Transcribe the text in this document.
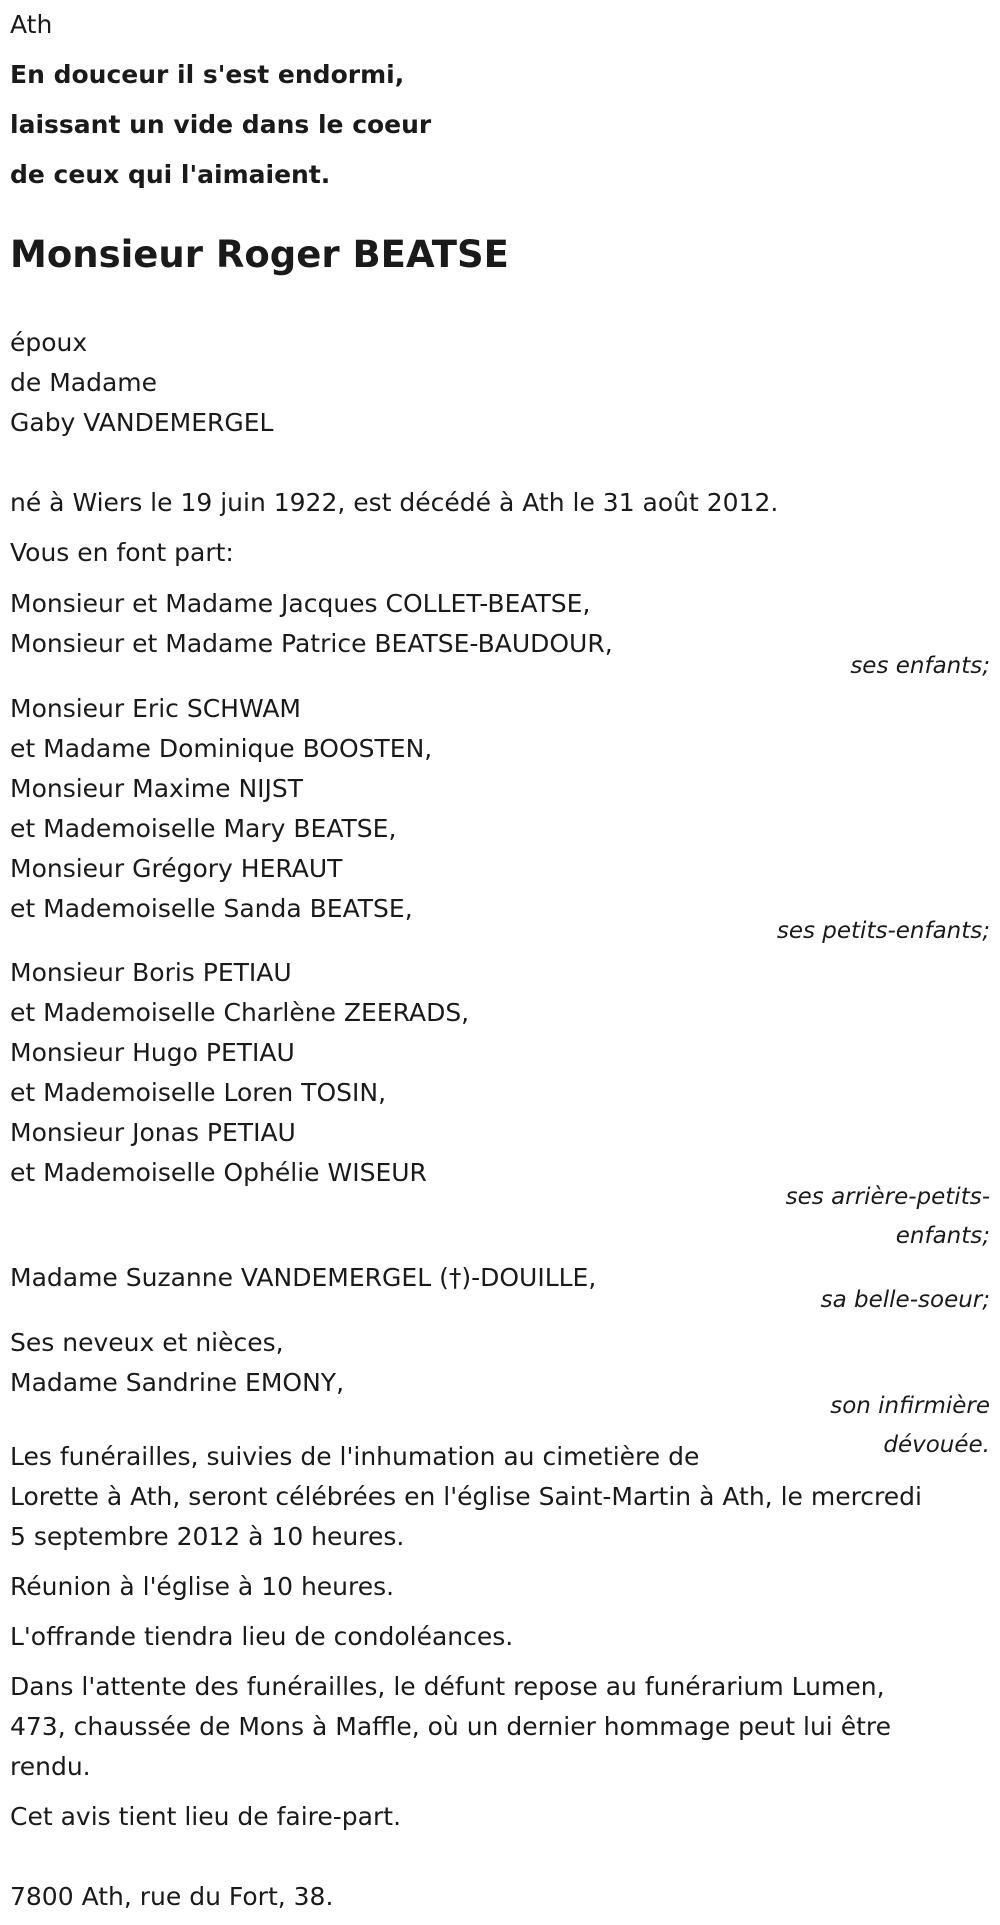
Ath
En douceur il s'est endormi,
laissant un vide dans le coeur
de ceux qui l'aimaient.
Monsieur Roger BEATSE
époux
de Madame
Gaby VANDEMERGEL
né à Wiers le 19 juin 1922, est décédé à Ath le 31 août 2012.
Vous en font part:
Monsieur et Madame Jacques COLLET-BEATSE,
Monsieur et Madame Patrice BEATSE-BAUDOUR,
ses enfants;
Monsieur Eric SCHWAM
et Madame Dominique BOOSTEN,
Monsieur Maxime NIJST
et Mademoiselle Mary BEATSE,
Monsieur Grégory HERAUT
et Mademoiselle Sanda BEATSE,
ses petits-enfants;
Monsieur Boris PETIAU
et Mademoiselle Charlène ZEERADS,
Monsieur Hugo PETIAU
et Mademoiselle Loren TOSIN,
Monsieur Jonas PETIAU
et Mademoiselle Ophélie WISEUR
ses arrière-petits-
enfants;
Madame Suzanne VANDEMERGEL (†)-DOUILLE,
sa belle-soeur;
Ses neveux et nièces,
Madame Sandrine EMONY,
son infirmière
dévouée.
Les funérailles, suivies de l'inhumation au cimetière de
Lorette à Ath, seront célébrées en l'église Saint-Martin à Ath, le mercredi
5 septembre 2012 à 10 heures.
Réunion à l'église à 10 heures.
L'offrande tiendra lieu de condoléances.
Dans l'attente des funérailles, le défunt repose au funérarium Lumen,
473, chaussée de Mons à Maffle, où un dernier hommage peut lui être
rendu.
Cet avis tient lieu de faire-part.
7800 Ath, rue du Fort, 38.
